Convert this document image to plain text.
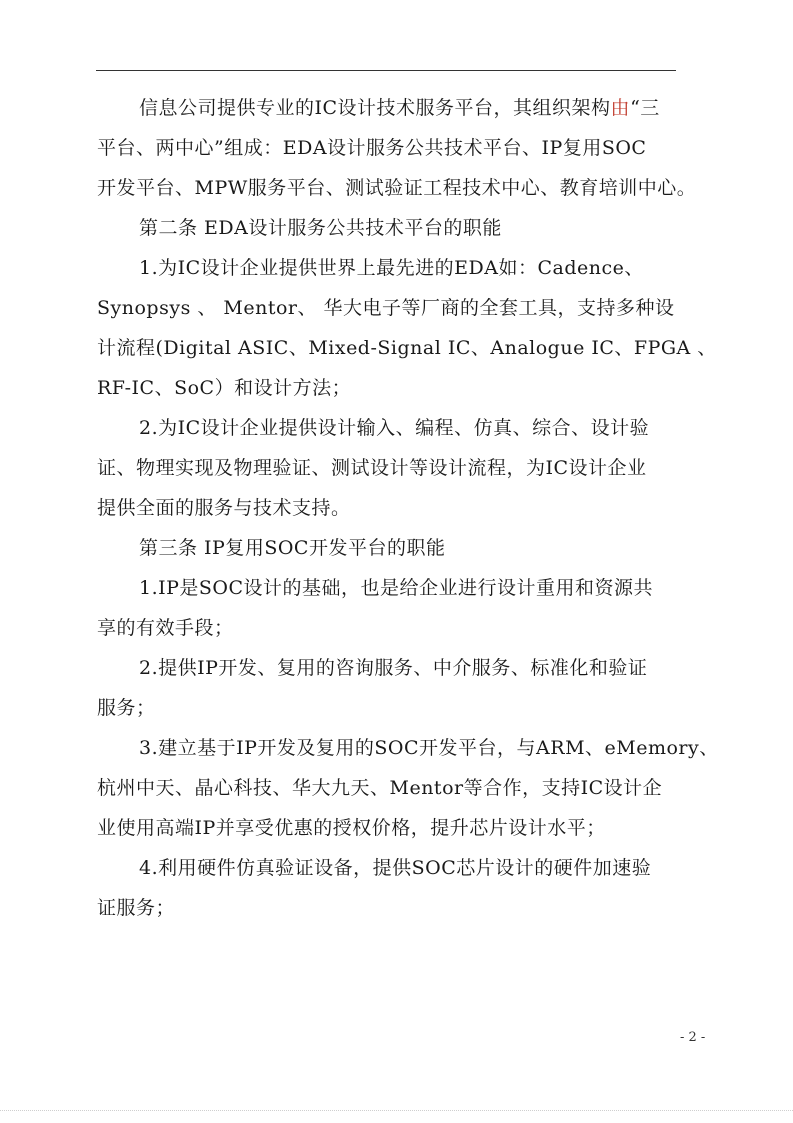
信息公司提供专业的IC设计技术服务平台，其组织架构由“三
平台、两中心”组成：EDA设计服务公共技术平台、IP复用SOC
开发平台、MPW服务平台、测试验证工程技术中心、教育培训中心。
第二条 EDA设计服务公共技术平台的职能
1.为IC设计企业提供世界上最先进的EDA如：Cadence、
Synopsys 、 Mentor、 华大电子等厂商的全套工具，支持多种设
计流程(Digital ASIC、Mixed-Signal IC、Analogue IC、FPGA 、
RF-IC、SoC）和设计方法；
2.为IC设计企业提供设计输入、编程、仿真、综合、设计验
证、物理实现及物理验证、测试设计等设计流程，为IC设计企业
提供全面的服务与技术支持。
第三条 IP复用SOC开发平台的职能
1.IP是SOC设计的基础，也是给企业进行设计重用和资源共
享的有效手段；
2.提供IP开发、复用的咨询服务、中介服务、标准化和验证
服务；
3.建立基于IP开发及复用的SOC开发平台，与ARM、eMemory、
杭州中天、晶心科技、华大九天、Mentor等合作，支持IC设计企
业使用高端IP并享受优惠的授权价格，提升芯片设计水平；
4.利用硬件仿真验证设备，提供SOC芯片设计的硬件加速验
证服务；
- 2 -
